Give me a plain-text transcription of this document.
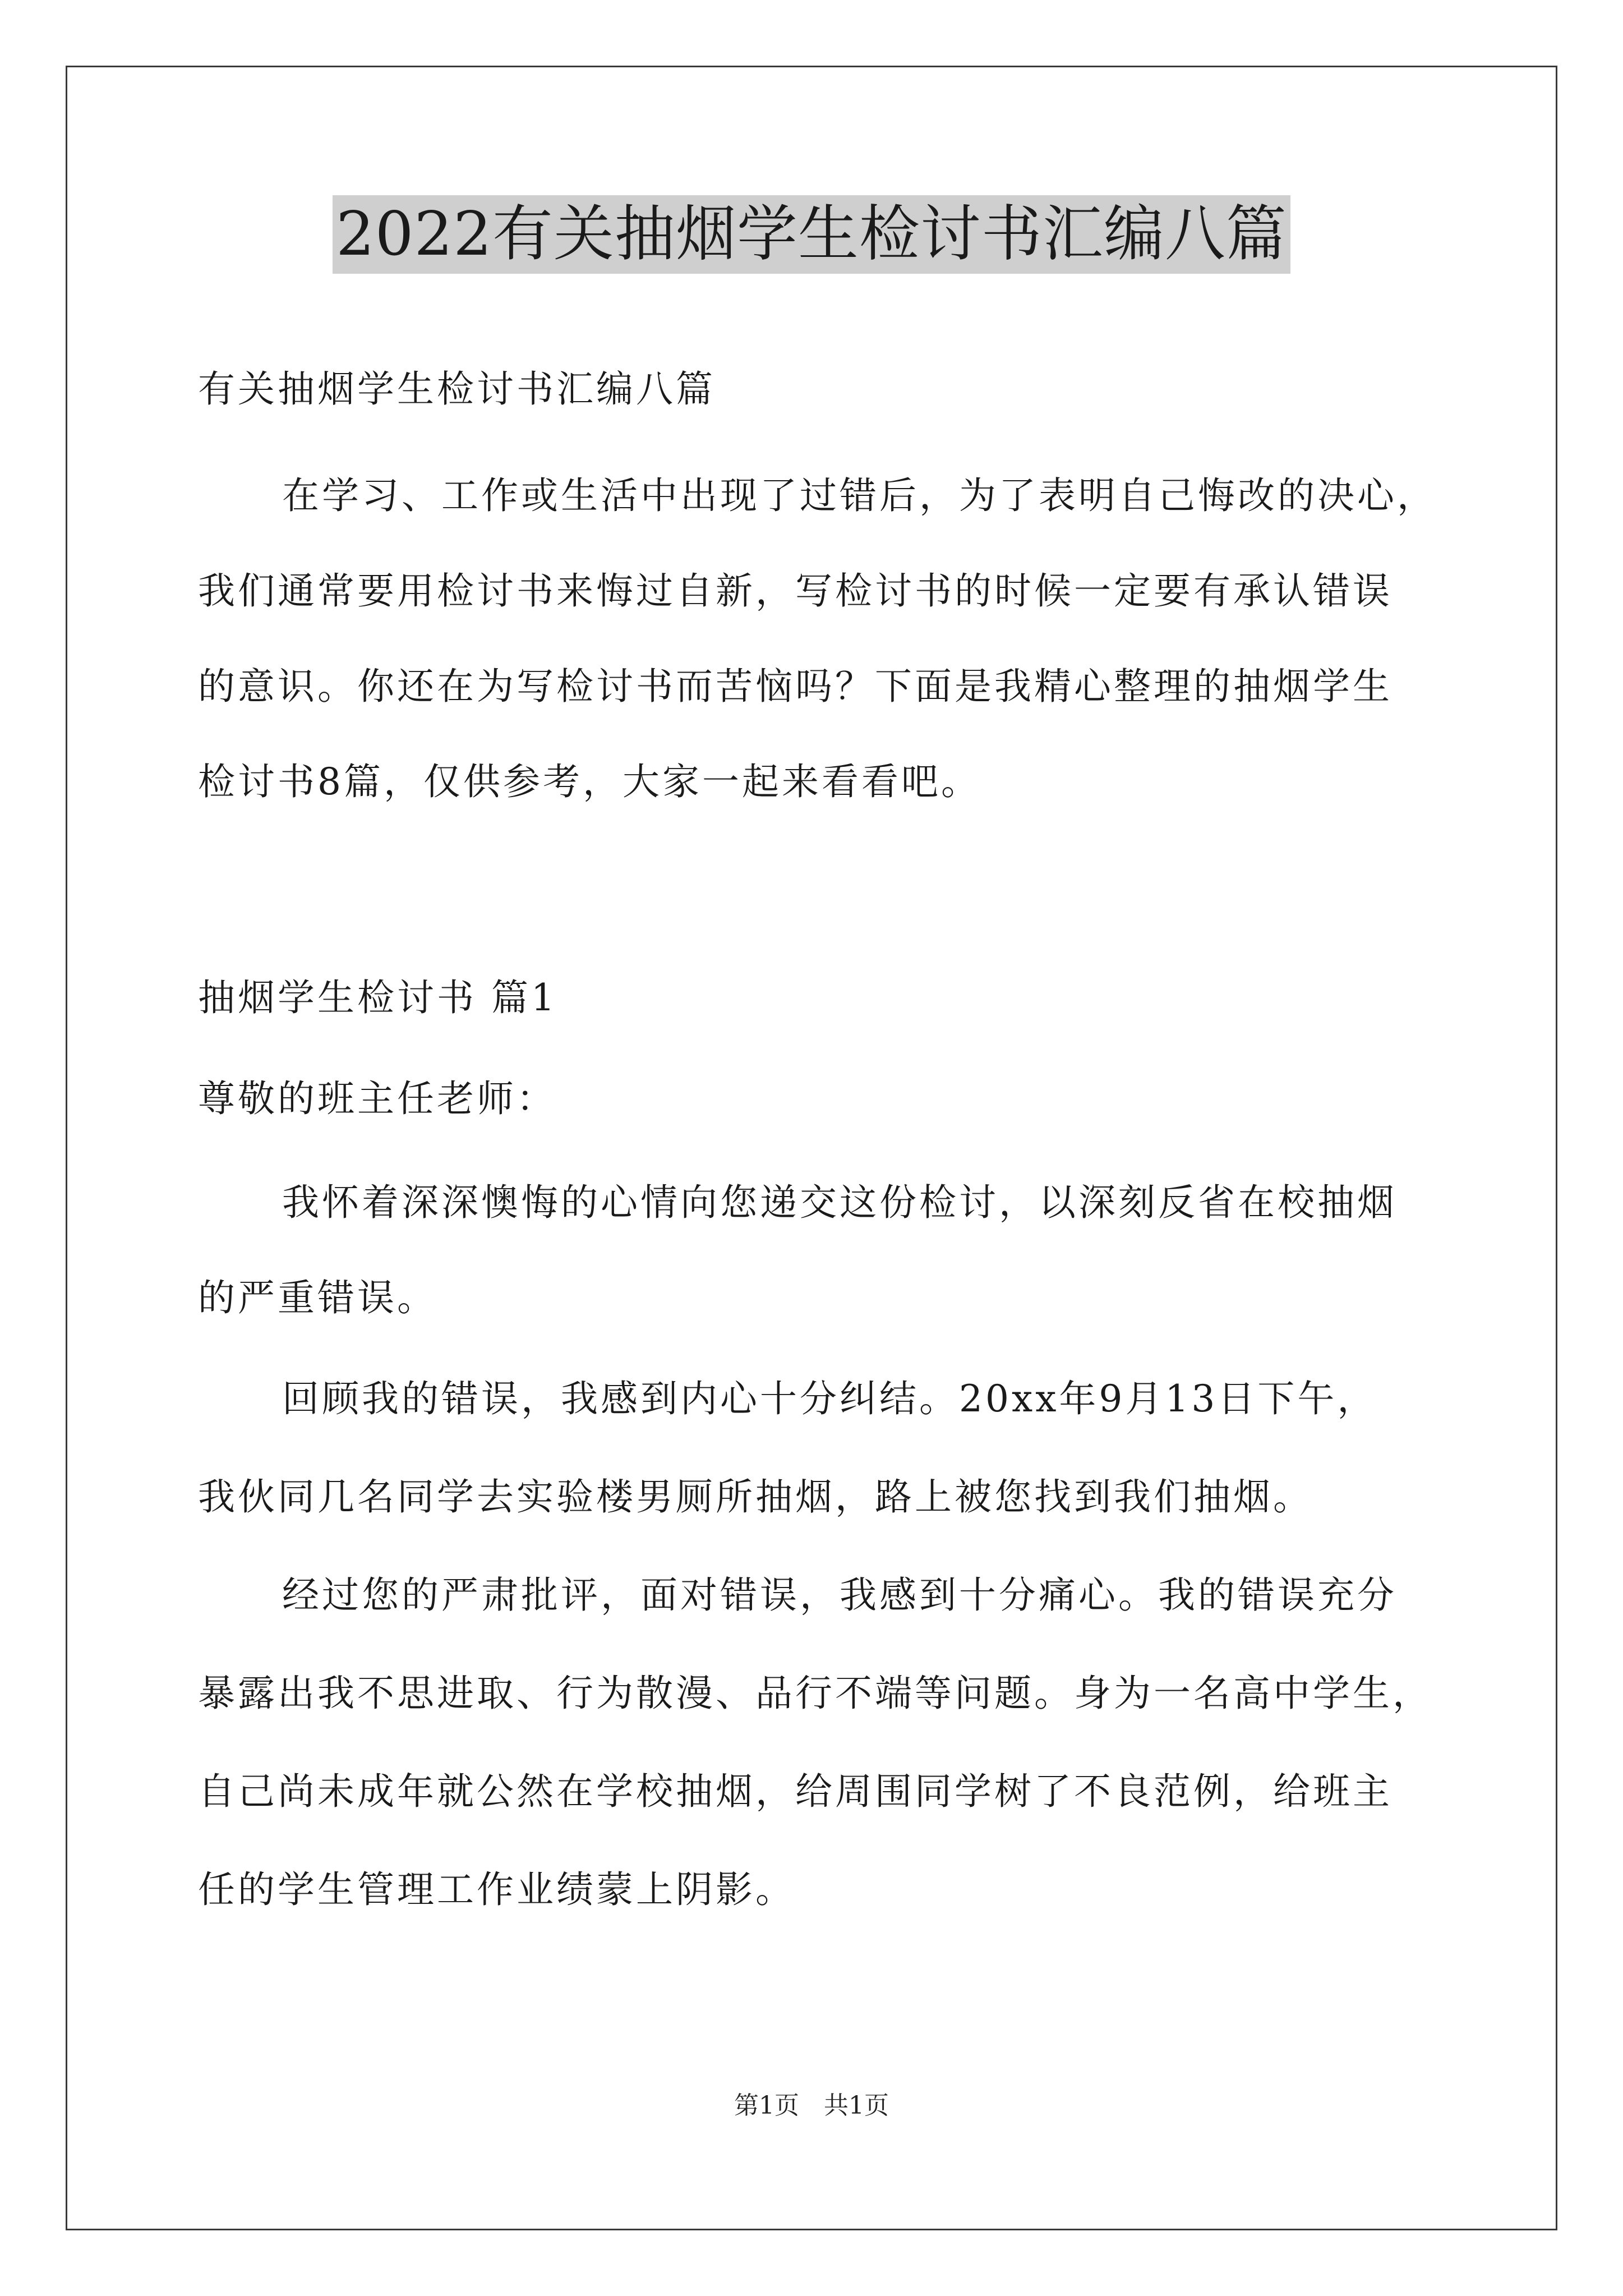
2022有关抽烟学生检讨书汇编八篇
有关抽烟学生检讨书汇编八篇
在学习、工作或生活中出现了过错后，为了表明自己悔改的决心，
我们通常要用检讨书来悔过自新，写检讨书的时候一定要有承认错误
的意识。你还在为写检讨书而苦恼吗？下面是我精心整理的抽烟学生
检讨书8篇，仅供参考，大家一起来看看吧。
抽烟学生检讨书 篇1
尊敬的班主任老师：
我怀着深深懊悔的心情向您递交这份检讨，以深刻反省在校抽烟
的严重错误。
回顾我的错误，我感到内心十分纠结。20xx年9月13日下午，
我伙同几名同学去实验楼男厕所抽烟，路上被您找到我们抽烟。
经过您的严肃批评，面对错误，我感到十分痛心。我的错误充分
暴露出我不思进取、行为散漫、品行不端等问题。身为一名高中学生，
自己尚未成年就公然在学校抽烟，给周围同学树了不良范例，给班主
任的学生管理工作业绩蒙上阴影。
第1页　共1页
